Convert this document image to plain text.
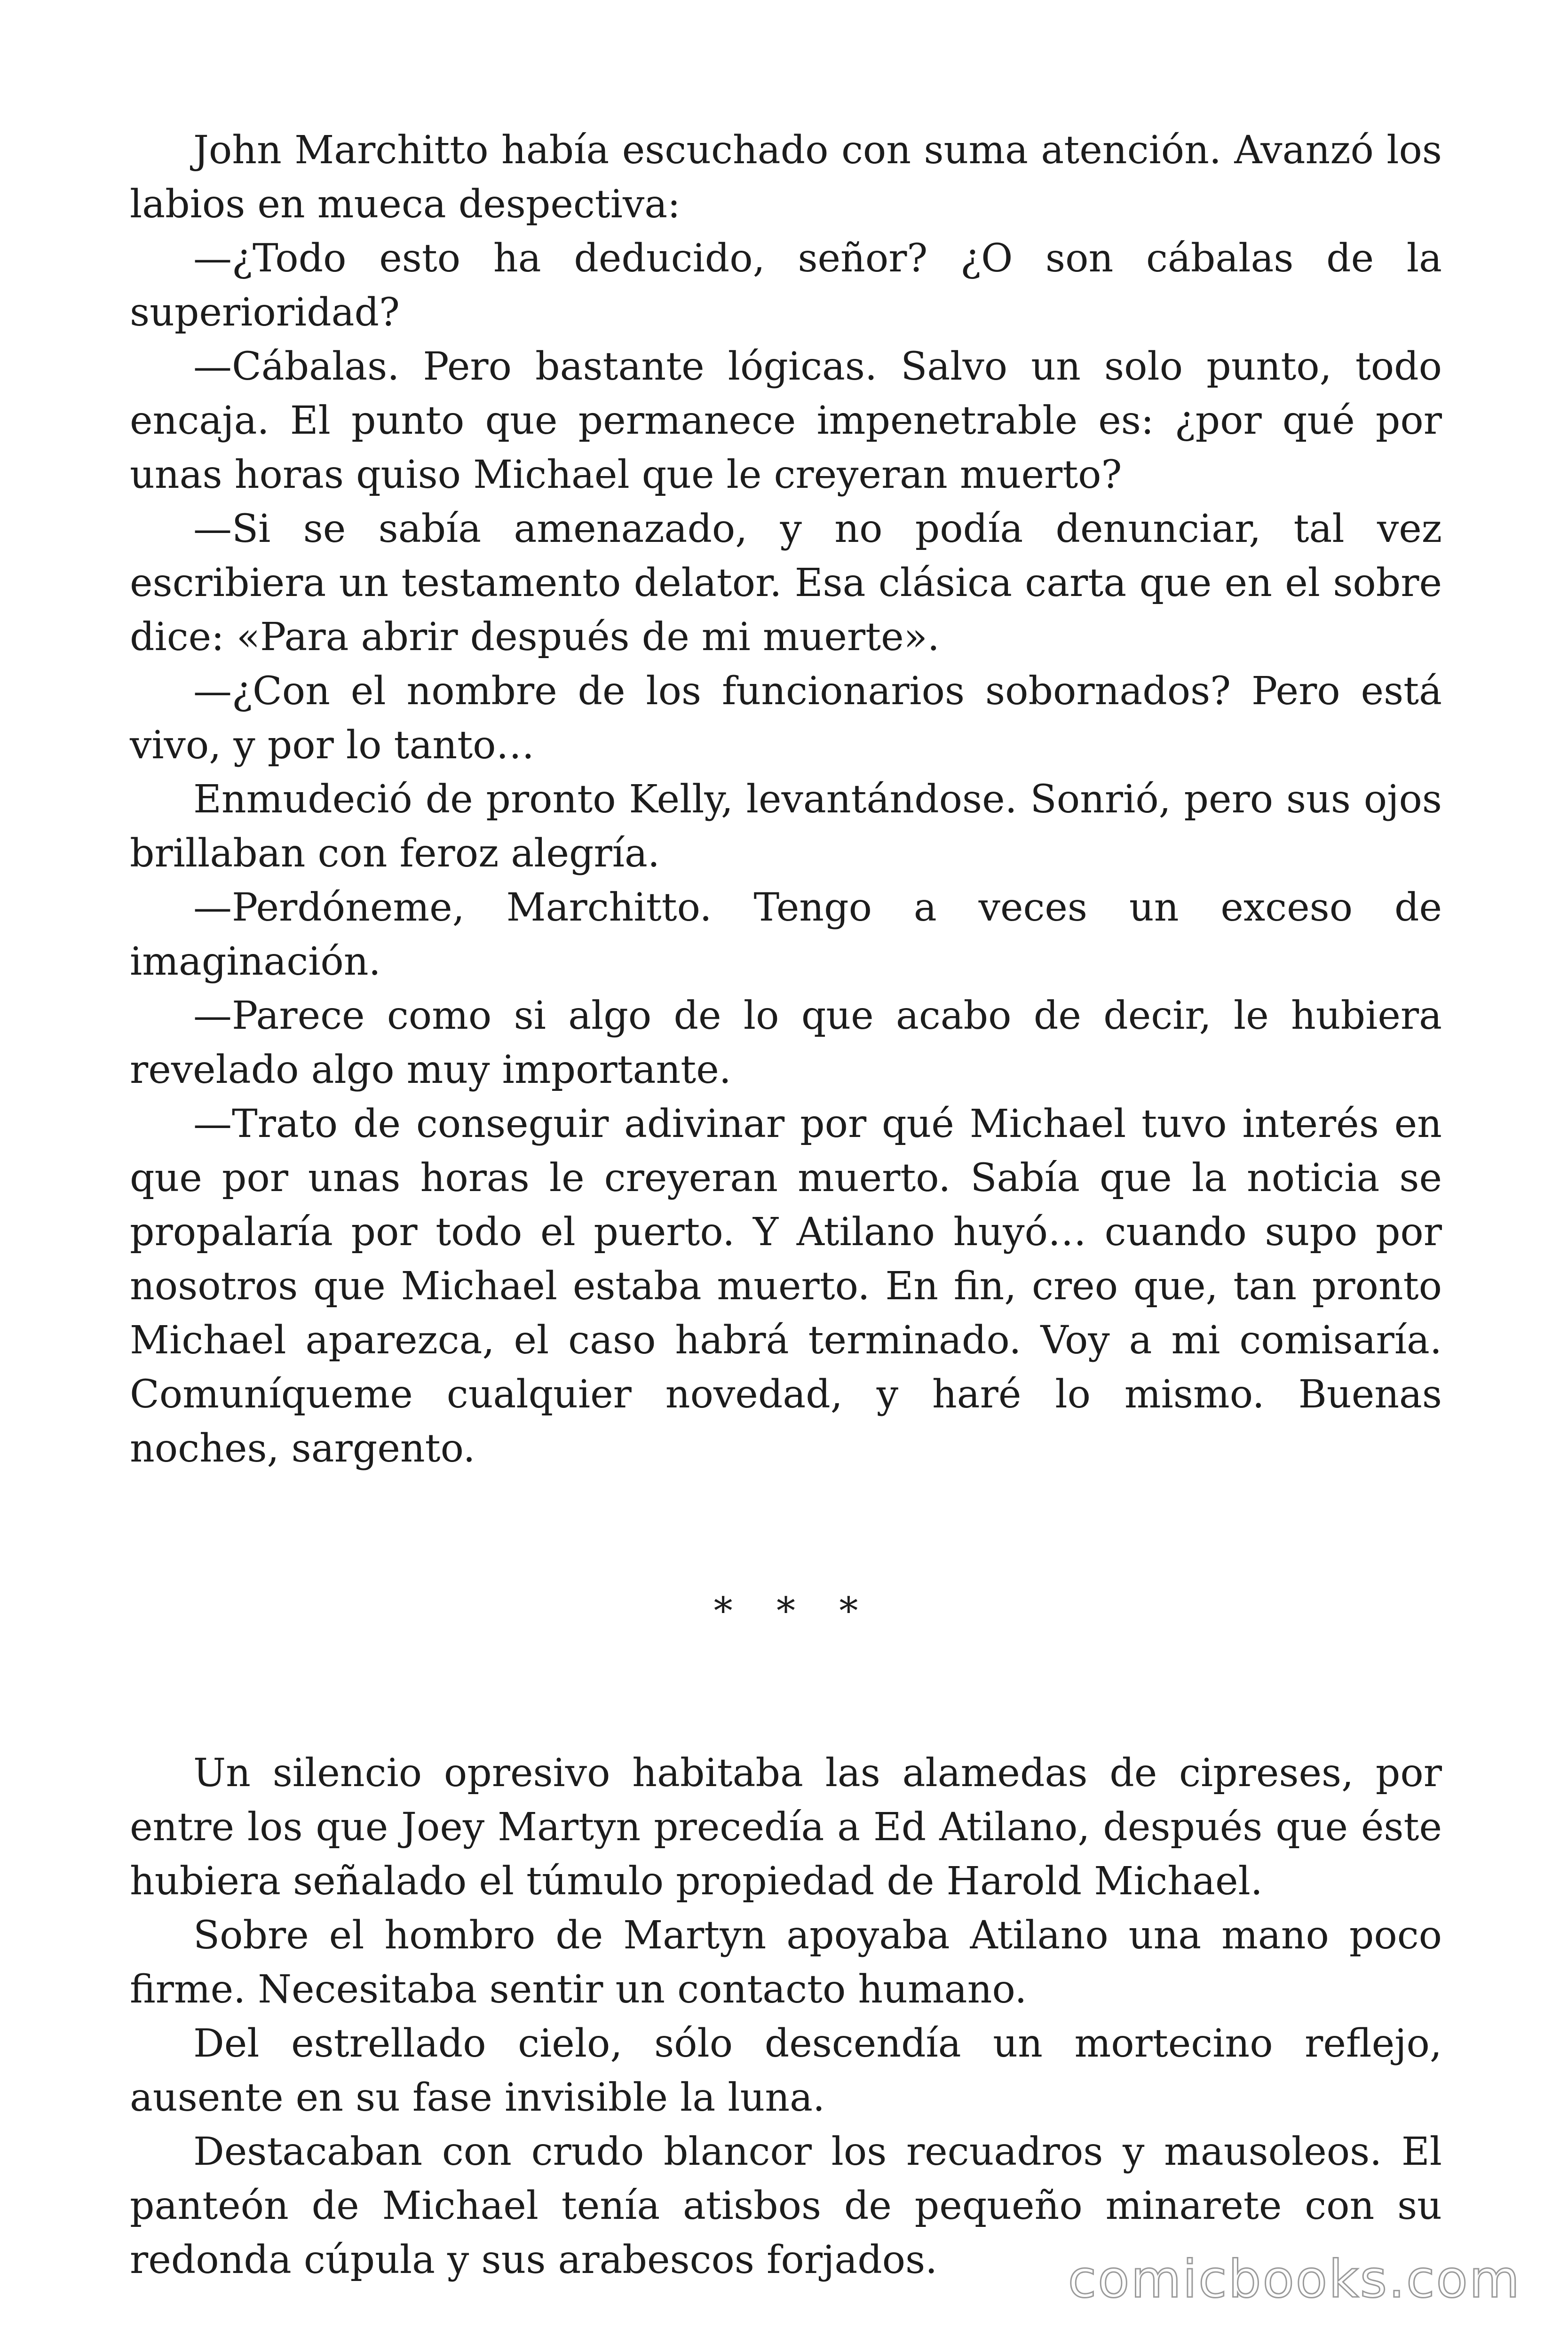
John Marchitto había escuchado con suma atención. Avanzó los labios en mueca despectiva:

—¿Todo esto ha deducido, señor? ¿O son cábalas de la superioridad?

—Cábalas. Pero bastante lógicas. Salvo un solo punto, todo encaja. El punto que permanece impenetrable es: ¿por qué por unas horas quiso Michael que le creyeran muerto?

—Si se sabía amenazado, y no podía denunciar, tal vez escribiera un testamento delator. Esa clásica carta que en el sobre dice: «Para abrir después de mi muerte».

—¿Con el nombre de los funcionarios sobornados? Pero está vivo, y por lo tanto…

Enmudeció de pronto Kelly, levantándose. Sonrió, pero sus ojos brillaban con feroz alegría.

—Perdóneme, Marchitto. Tengo a veces un exceso de imaginación.

—Parece como si algo de lo que acabo de decir, le hubiera revelado algo muy importante.

—Trato de conseguir adivinar por qué Michael tuvo interés en que por unas horas le creyeran muerto. Sabía que la noticia se propalaría por todo el puerto. Y Atilano huyó… cuando supo por nosotros que Michael estaba muerto. En fin, creo que, tan pronto Michael aparezca, el caso habrá terminado. Voy a mi comisaría. Comuníqueme cualquier novedad, y haré lo mismo. Buenas noches, sargento.

* * *

Un silencio opresivo habitaba las alamedas de cipreses, por entre los que Joey Martyn precedía a Ed Atilano, después que éste hubiera señalado el túmulo propiedad de Harold Michael.

Sobre el hombro de Martyn apoyaba Atilano una mano poco firme. Necesitaba sentir un contacto humano.

Del estrellado cielo, sólo descendía un mortecino reflejo, ausente en su fase invisible la luna.

Destacaban con crudo blancor los recuadros y mausoleos. El panteón de Michael tenía atisbos de pequeño minarete con su redonda cúpula y sus arabescos forjados.	comicbooks.com
